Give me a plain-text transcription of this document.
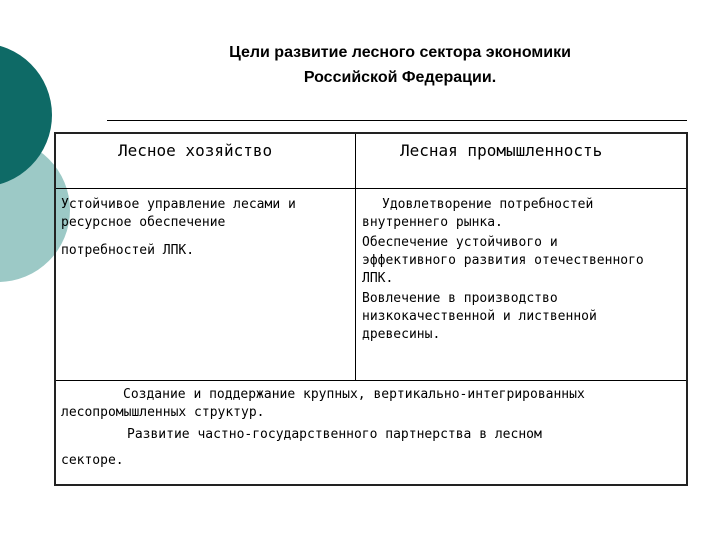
Цели развитие лесного сектора экономики
Российской Федерации.
Лесное хозяйство	Лесная промышленность

Устойчивое управление лесами и ресурсное обеспечение

потребностей ЛПК.

Удовлетворение потребностей внутреннего рынка.

Обеспечение устойчивого и эффективного развития отечественного ЛПК.

Вовлечение в производство низкокачественной и лиственной древесины.

Создание и поддержание крупных, вертикально-интегрированных лесопромышленных структур.

Развитие частно-государственного партнерства в лесном

секторе.
